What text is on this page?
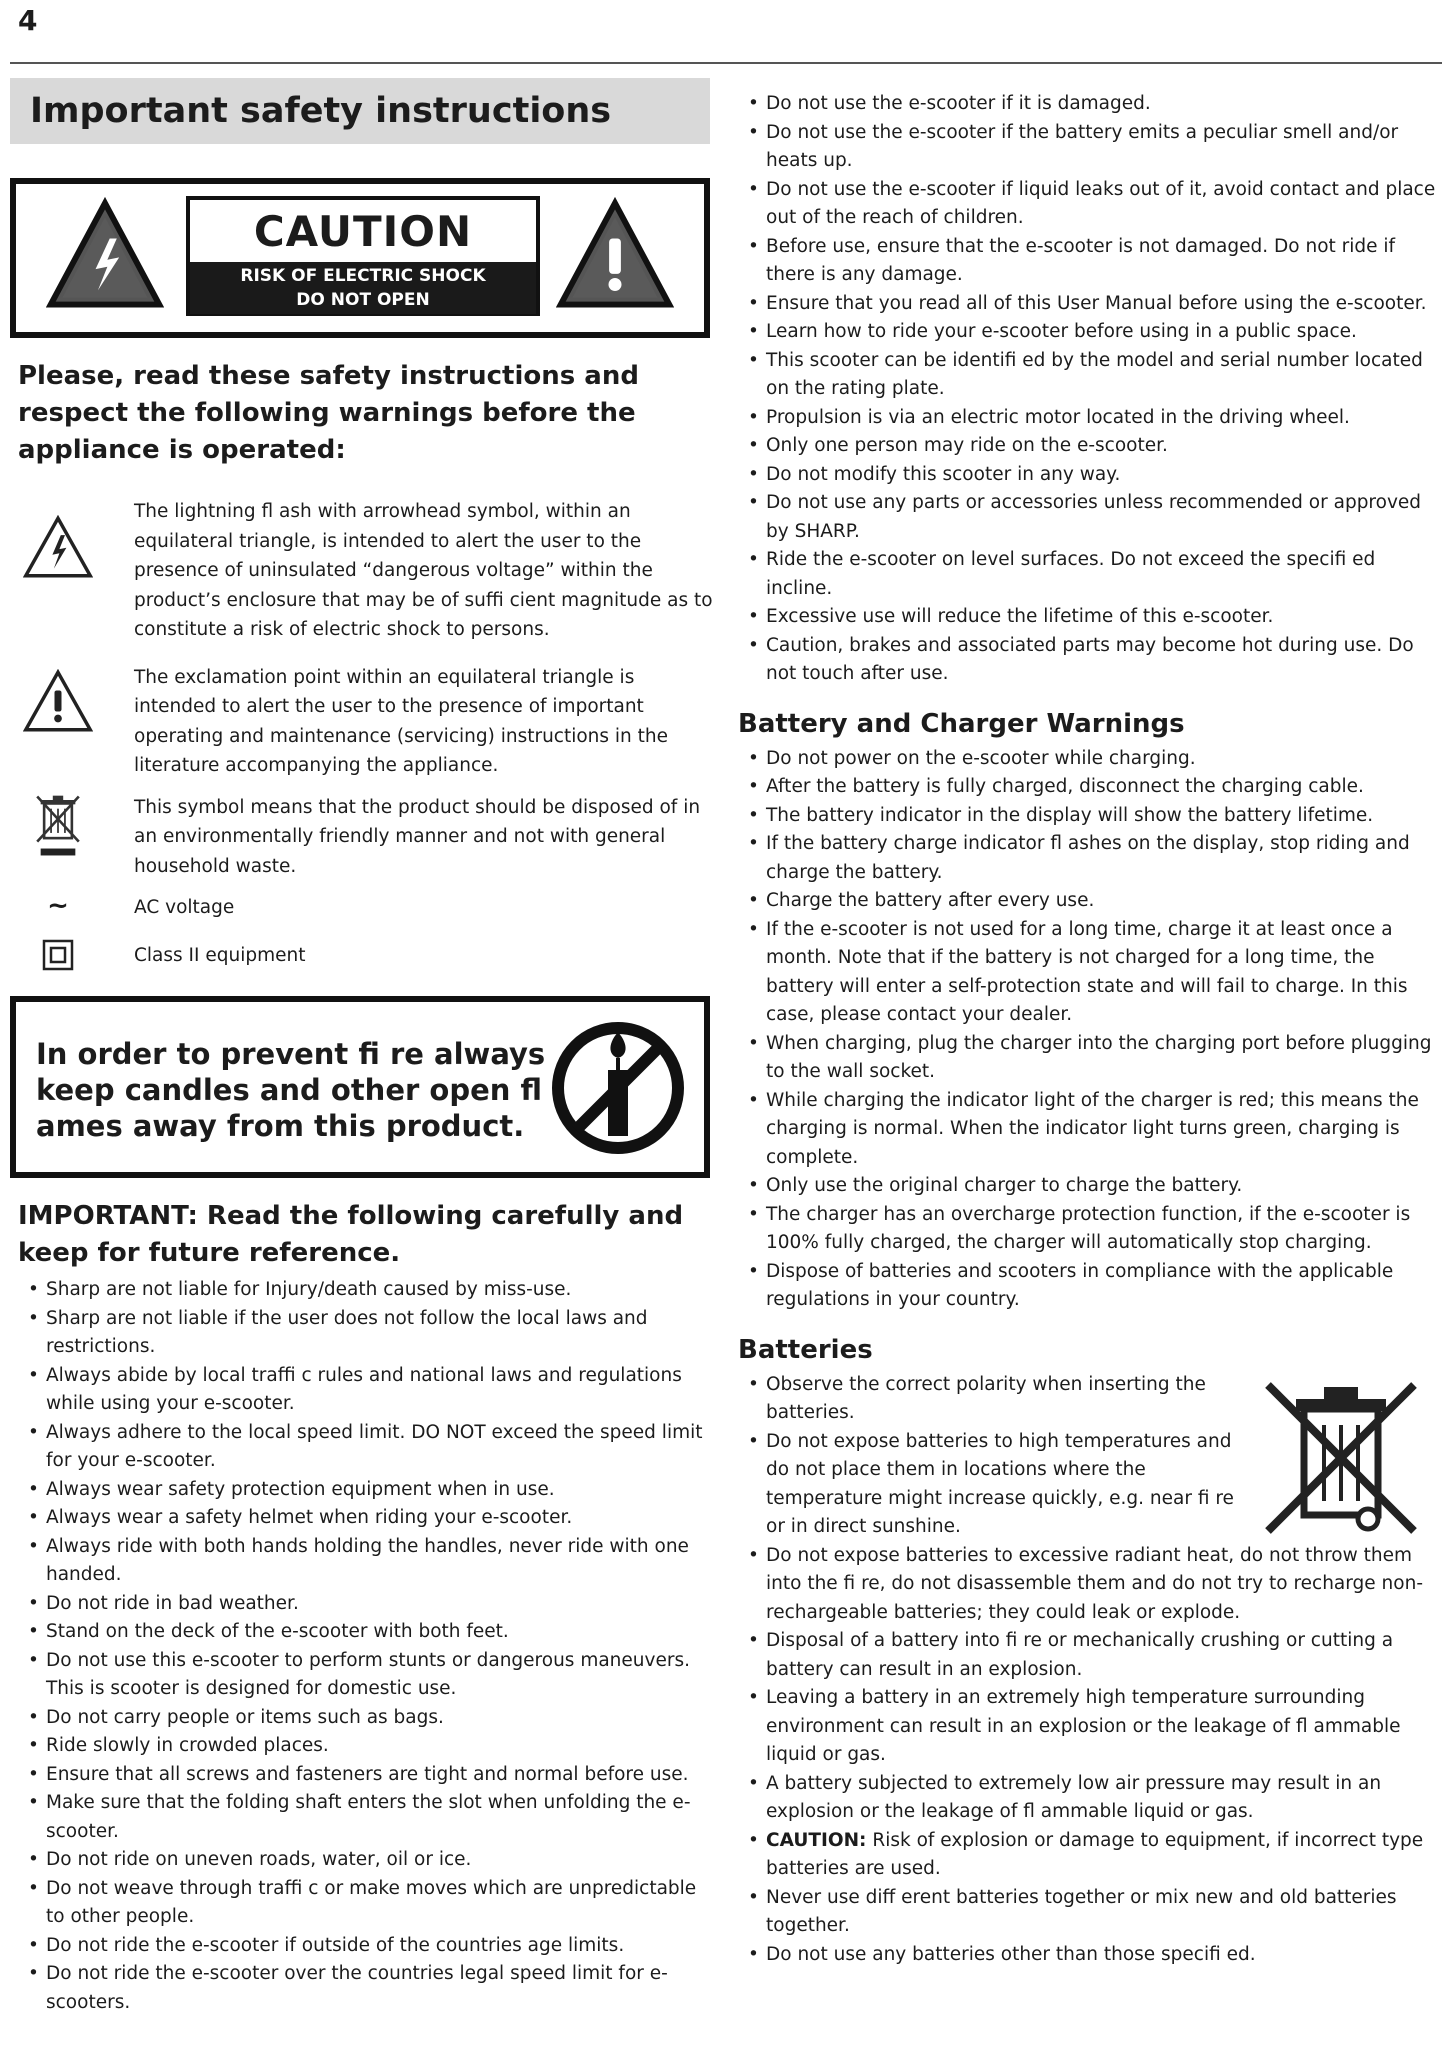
4
Important safety instructions
CAUTION
RISK OF ELECTRIC SHOCK
DO NOT OPEN
Please, read these safety instructions and respect the following warnings before the appliance is operated:
The lightning fl ash with arrowhead symbol, within an equilateral triangle, is intended to alert the user to the presence of uninsulated “dangerous voltage” within the product’s enclosure that may be of suffi cient magnitude as to constitute a risk of electric shock to persons.
The exclamation point within an equilateral triangle is intended to alert the user to the presence of important operating and maintenance (servicing) instructions in the literature accompanying the appliance.
This symbol means that the product should be disposed of in an environmentally friendly manner and not with general household waste.
~	AC voltage
Class II equipment
In order to prevent fi re always keep candles and other open fl ames away from this product.
IMPORTANT: Read the following carefully and keep for future reference.
• Sharp are not liable for Injury/death caused by miss-use.
• Sharp are not liable if the user does not follow the local laws and restrictions.
• Always abide by local traffi c rules and national laws and regulations while using your e-scooter.
• Always adhere to the local speed limit. DO NOT exceed the speed limit for your e-scooter.
• Always wear safety protection equipment when in use.
• Always wear a safety helmet when riding your e-scooter.
• Always ride with both hands holding the handles, never ride with one handed.
• Do not ride in bad weather.
• Stand on the deck of the e-scooter with both feet.
• Do not use this e-scooter to perform stunts or dangerous maneuvers. This is scooter is designed for domestic use.
• Do not carry people or items such as bags.
• Ride slowly in crowded places.
• Ensure that all screws and fasteners are tight and normal before use.
• Make sure that the folding shaft enters the slot when unfolding the e-scooter.
• Do not ride on uneven roads, water, oil or ice.
• Do not weave through traffi c or make moves which are unpredictable to other people.
• Do not ride the e-scooter if outside of the countries age limits.
• Do not ride the e-scooter over the countries legal speed limit for e-scooters.
• Do not use the e-scooter if it is damaged.
• Do not use the e-scooter if the battery emits a peculiar smell and/or heats up.
• Do not use the e-scooter if liquid leaks out of it, avoid contact and place out of the reach of children.
• Before use, ensure that the e-scooter is not damaged. Do not ride if there is any damage.
• Ensure that you read all of this User Manual before using the e-scooter.
• Learn how to ride your e-scooter before using in a public space.
• This scooter can be identifi ed by the model and serial number located on the rating plate.
• Propulsion is via an electric motor located in the driving wheel.
• Only one person may ride on the e-scooter.
• Do not modify this scooter in any way.
• Do not use any parts or accessories unless recommended or approved by SHARP.
• Ride the e-scooter on level surfaces. Do not exceed the specifi ed incline.
• Excessive use will reduce the lifetime of this e-scooter.
• Caution, brakes and associated parts may become hot during use. Do not touch after use.
Battery and Charger Warnings
• Do not power on the e-scooter while charging.
• After the battery is fully charged, disconnect the charging cable.
• The battery indicator in the display will show the battery lifetime.
• If the battery charge indicator fl ashes on the display, stop riding and charge the battery.
• Charge the battery after every use.
• If the e-scooter is not used for a long time, charge it at least once a month. Note that if the battery is not charged for a long time, the battery will enter a self-protection state and will fail to charge. In this case, please contact your dealer.
• When charging, plug the charger into the charging port before plugging to the wall socket.
• While charging the indicator light of the charger is red; this means the charging is normal. When the indicator light turns green, charging is complete.
• Only use the original charger to charge the battery.
• The charger has an overcharge protection function, if the e-scooter is 100% fully charged, the charger will automatically stop charging.
• Dispose of batteries and scooters in compliance with the applicable regulations in your country.
Batteries
• Observe the correct polarity when inserting the batteries.
• Do not expose batteries to high temperatures and do not place them in locations where the temperature might increase quickly, e.g. near fi re or in direct sunshine.
• Do not expose batteries to excessive radiant heat, do not throw them into the fi re, do not disassemble them and do not try to recharge non-rechargeable batteries; they could leak or explode.
• Disposal of a battery into fi re or mechanically crushing or cutting a battery can result in an explosion.
• Leaving a battery in an extremely high temperature surrounding environment can result in an explosion or the leakage of fl ammable liquid or gas.
• A battery subjected to extremely low air pressure may result in an explosion or the leakage of fl ammable liquid or gas.
• CAUTION: Risk of explosion or damage to equipment, if incorrect type batteries are used.
• Never use diff erent batteries together or mix new and old batteries together.
• Do not use any batteries other than those specifi ed.
